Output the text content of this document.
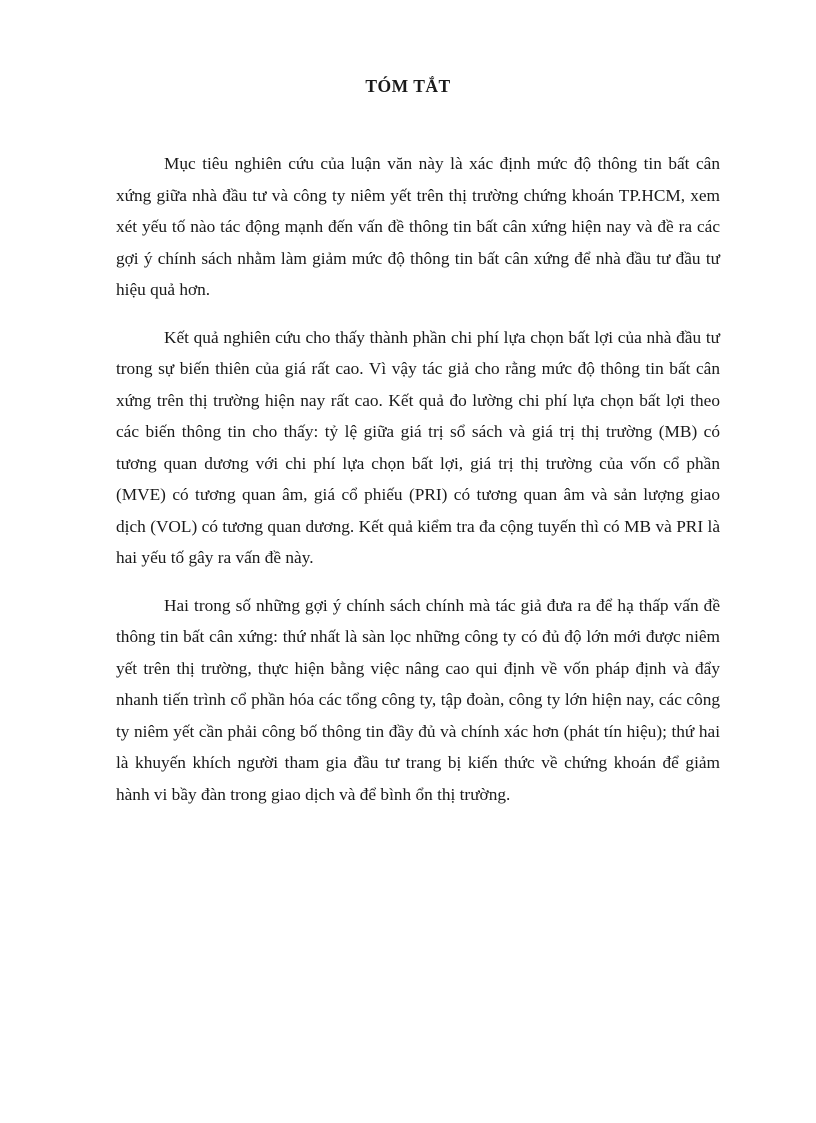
TÓM TẮT

Mục tiêu nghiên cứu của luận văn này là xác định mức độ thông tin bất cân xứng giữa nhà đầu tư và công ty niêm yết trên thị trường chứng khoán TP.HCM, xem xét yếu tố nào tác động mạnh đến vấn đề thông tin bất cân xứng hiện nay và đề ra các gợi ý chính sách nhằm làm giảm mức độ thông tin bất cân xứng để nhà đầu tư đầu tư hiệu quả hơn.

Kết quả nghiên cứu cho thấy thành phần chi phí lựa chọn bất lợi của nhà đầu tư trong sự biến thiên của giá rất cao. Vì vậy tác giả cho rằng mức độ thông tin bất cân xứng trên thị trường hiện nay rất cao. Kết quả đo lường chi phí lựa chọn bất lợi theo các biến thông tin cho thấy: tỷ lệ giữa giá trị sổ sách và giá trị thị trường (MB) có tương quan dương với chi phí lựa chọn bất lợi, giá trị thị trường của vốn cổ phần (MVE) có tương quan âm, giá cổ phiếu (PRI) có tương quan âm và sản lượng giao dịch (VOL) có tương quan dương. Kết quả kiểm tra đa cộng tuyến thì có MB và PRI là hai yếu tố gây ra vấn đề này.

Hai trong số những gợi ý chính sách chính mà tác giả đưa ra để hạ thấp vấn đề thông tin bất cân xứng: thứ nhất là sàn lọc những công ty có đủ độ lớn mới được niêm yết trên thị trường, thực hiện bằng việc nâng cao qui định về vốn pháp định và đẩy nhanh tiến trình cổ phần hóa các tổng công ty, tập đoàn, công ty lớn hiện nay, các công ty niêm yết cần phải công bố thông tin đầy đủ và chính xác hơn (phát tín hiệu); thứ hai là khuyến khích người tham gia đầu tư trang bị kiến thức về chứng khoán để giảm hành vi bầy đàn trong giao dịch và để bình ổn thị trường.
